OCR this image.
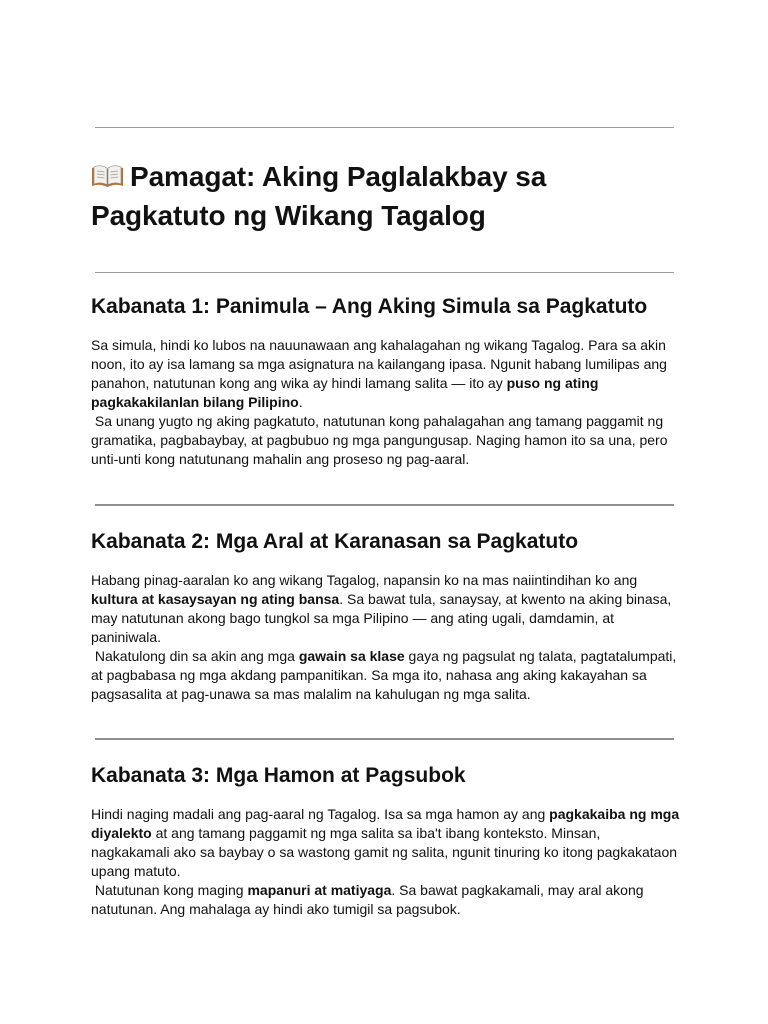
Pamagat: Aking Paglalakbay sa
Pagkatuto ng Wikang Tagalog
Kabanata 1: Panimula – Ang Aking Simula sa Pagkatuto

Sa simula, hindi ko lubos na nauunawaan ang kahalagahan ng wikang Tagalog. Para sa akin noon, ito ay isa lamang sa mga asignatura na kailangang ipasa. Ngunit habang lumilipas ang panahon, natutunan kong ang wika ay hindi lamang salita — ito ay puso ng ating pagkakakilanlan bilang Pilipino.

Sa unang yugto ng aking pagkatuto, natutunan kong pahalagahan ang tamang paggamit ng gramatika, pagbabaybay, at pagbubuo ng mga pangungusap. Naging hamon ito sa una, pero unti-unti kong natutunang mahalin ang proseso ng pag-aaral.

Kabanata 2: Mga Aral at Karanasan sa Pagkatuto

Habang pinag-aaralan ko ang wikang Tagalog, napansin ko na mas naiintindihan ko ang kultura at kasaysayan ng ating bansa. Sa bawat tula, sanaysay, at kwento na aking binasa, may natutunan akong bago tungkol sa mga Pilipino — ang ating ugali, damdamin, at paniniwala.

Nakatulong din sa akin ang mga gawain sa klase gaya ng pagsulat ng talata, pagtatalumpati, at pagbabasa ng mga akdang pampanitikan. Sa mga ito, nahasa ang aking kakayahan sa pagsasalita at pag-unawa sa mas malalim na kahulugan ng mga salita.

Kabanata 3: Mga Hamon at Pagsubok

Hindi naging madali ang pag-aaral ng Tagalog. Isa sa mga hamon ay ang pagkakaiba ng mga diyalekto at ang tamang paggamit ng mga salita sa iba't ibang konteksto. Minsan, nagkakamali ako sa baybay o sa wastong gamit ng salita, ngunit tinuring ko itong pagkakataon upang matuto.

Natutunan kong maging mapanuri at matiyaga. Sa bawat pagkakamali, may aral akong natutunan. Ang mahalaga ay hindi ako tumigil sa pagsubok.
